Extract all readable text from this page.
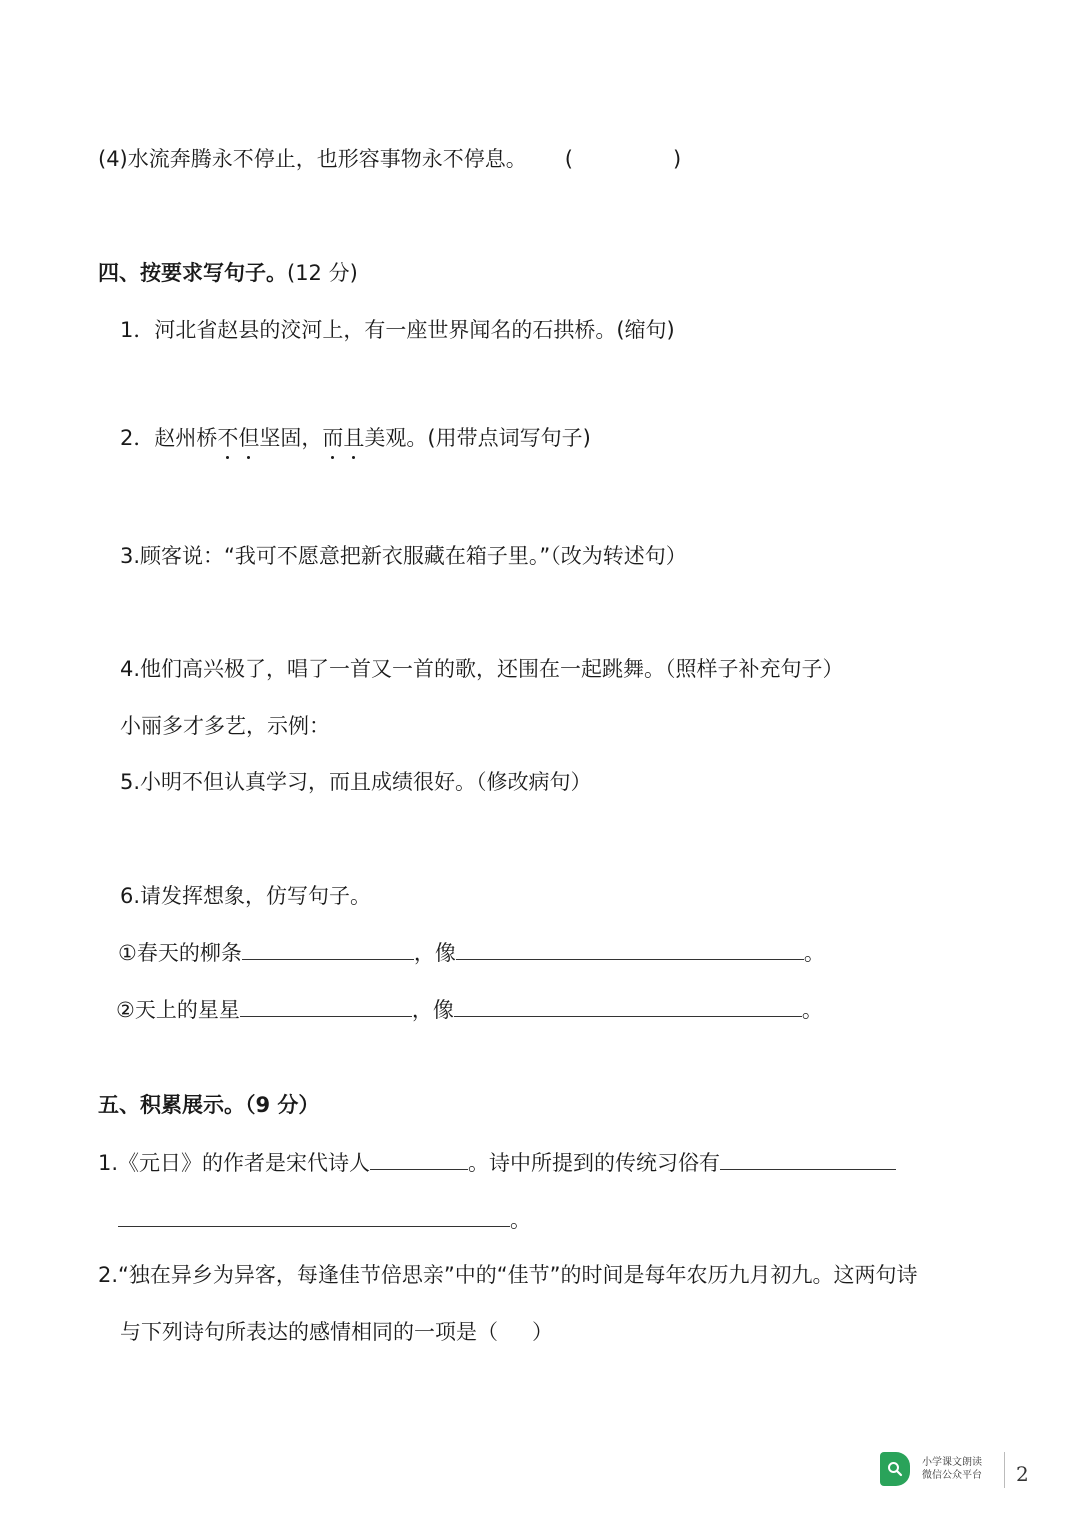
(4)水流奔腾永不停止，也形容事物永不停息。 (	)
四、按要求写句子。(12 分)
1．河北省赵县的洨河上，有一座世界闻名的石拱桥。(缩句)
2．赵州桥不但坚固，而且美观。(用带点词写句子)
3.顾客说：“我可不愿意把新衣服藏在箱子里。”（改为转述句）
4.他们高兴极了，唱了一首又一首的歌，还围在一起跳舞。（照样子补充句子）
小丽多才多艺，示例：
5.小明不但认真学习，而且成绩很好。（修改病句）
6.请发挥想象，仿写句子。
①春天的柳条	，像	。
②天上的星星	，像	。
五、积累展示。（9 分）
1.《元日》的作者是宋代诗人	。诗中所提到的传统习俗有
。
2.“独在异乡为异客，每逢佳节倍思亲”中的“佳节”的时间是每年农历九月初九。这两句诗
与下列诗句所表达的感情相同的一项是（ ）
小学课文朗读
微信公众平台 2
